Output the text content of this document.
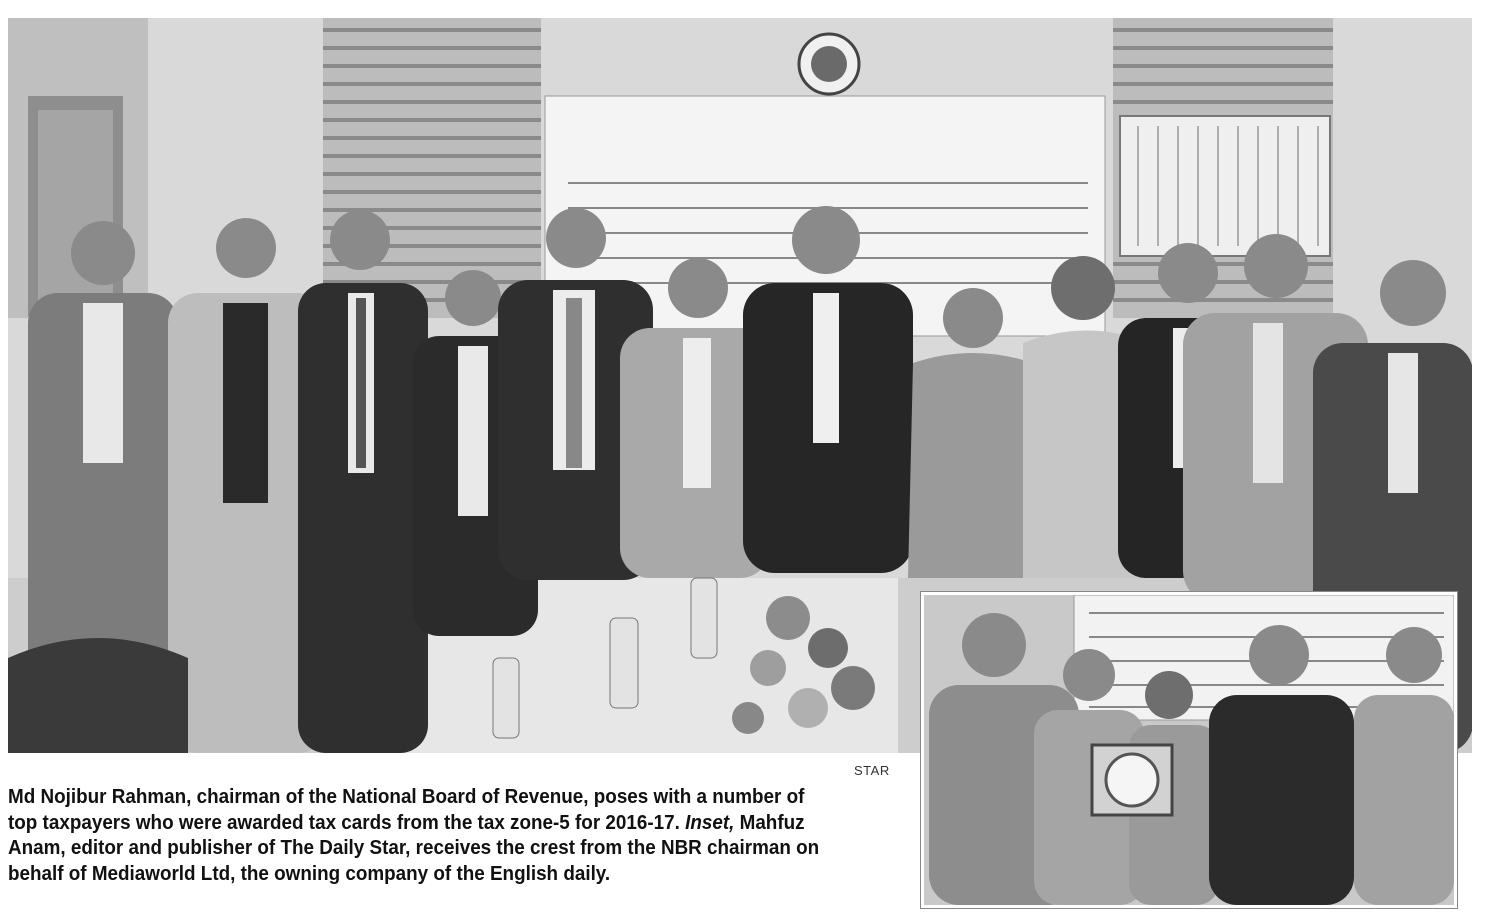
STAR
Md Nojibur Rahman, chairman of the National Board of Revenue, poses with a number of top taxpayers who were awarded tax cards from the tax zone-5 for 2016-17. Inset, Mahfuz Anam, editor and publisher of The Daily Star, receives the crest from the NBR chairman on behalf of Mediaworld Ltd, the owning company of the English daily.
